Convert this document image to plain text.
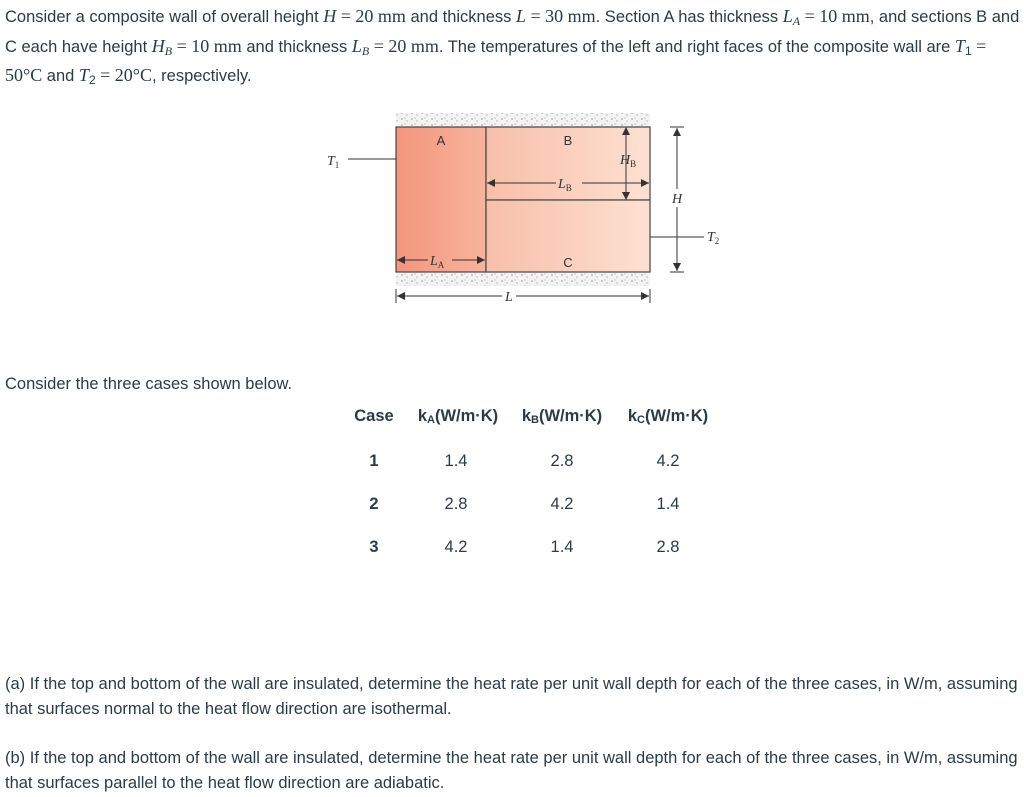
Consider a composite wall of overall height H = 20 mm and thickness L = 30 mm. Section A has thickness $L_A = 10$ mm, and sections B and C each have height $H_B = 10$ mm and thickness $L_B = 20$ mm. The temperatures of the left and right faces of the composite wall are $T_1 = 50^\circ C$ and $T_2 = 20^\circ C$, respectively.

A	B
C
$T_1$	$H_B$
$L_B$
$L_A$
L
H
$T_2$

Consider the three cases shown below.

Case	kA(W/m·K)	kB(W/m·K)	kC(W/m·K)
1	1.4	2.8	4.2
2	2.8	4.2	1.4
3	4.2	1.4	2.8

(a) If the top and bottom of the wall are insulated, determine the heat rate per unit wall depth for each of the three cases, in W/m, assuming that surfaces normal to the heat flow direction are isothermal.

(b) If the top and bottom of the wall are insulated, determine the heat rate per unit wall depth for each of the three cases, in W/m, assuming that surfaces parallel to the heat flow direction are adiabatic.
